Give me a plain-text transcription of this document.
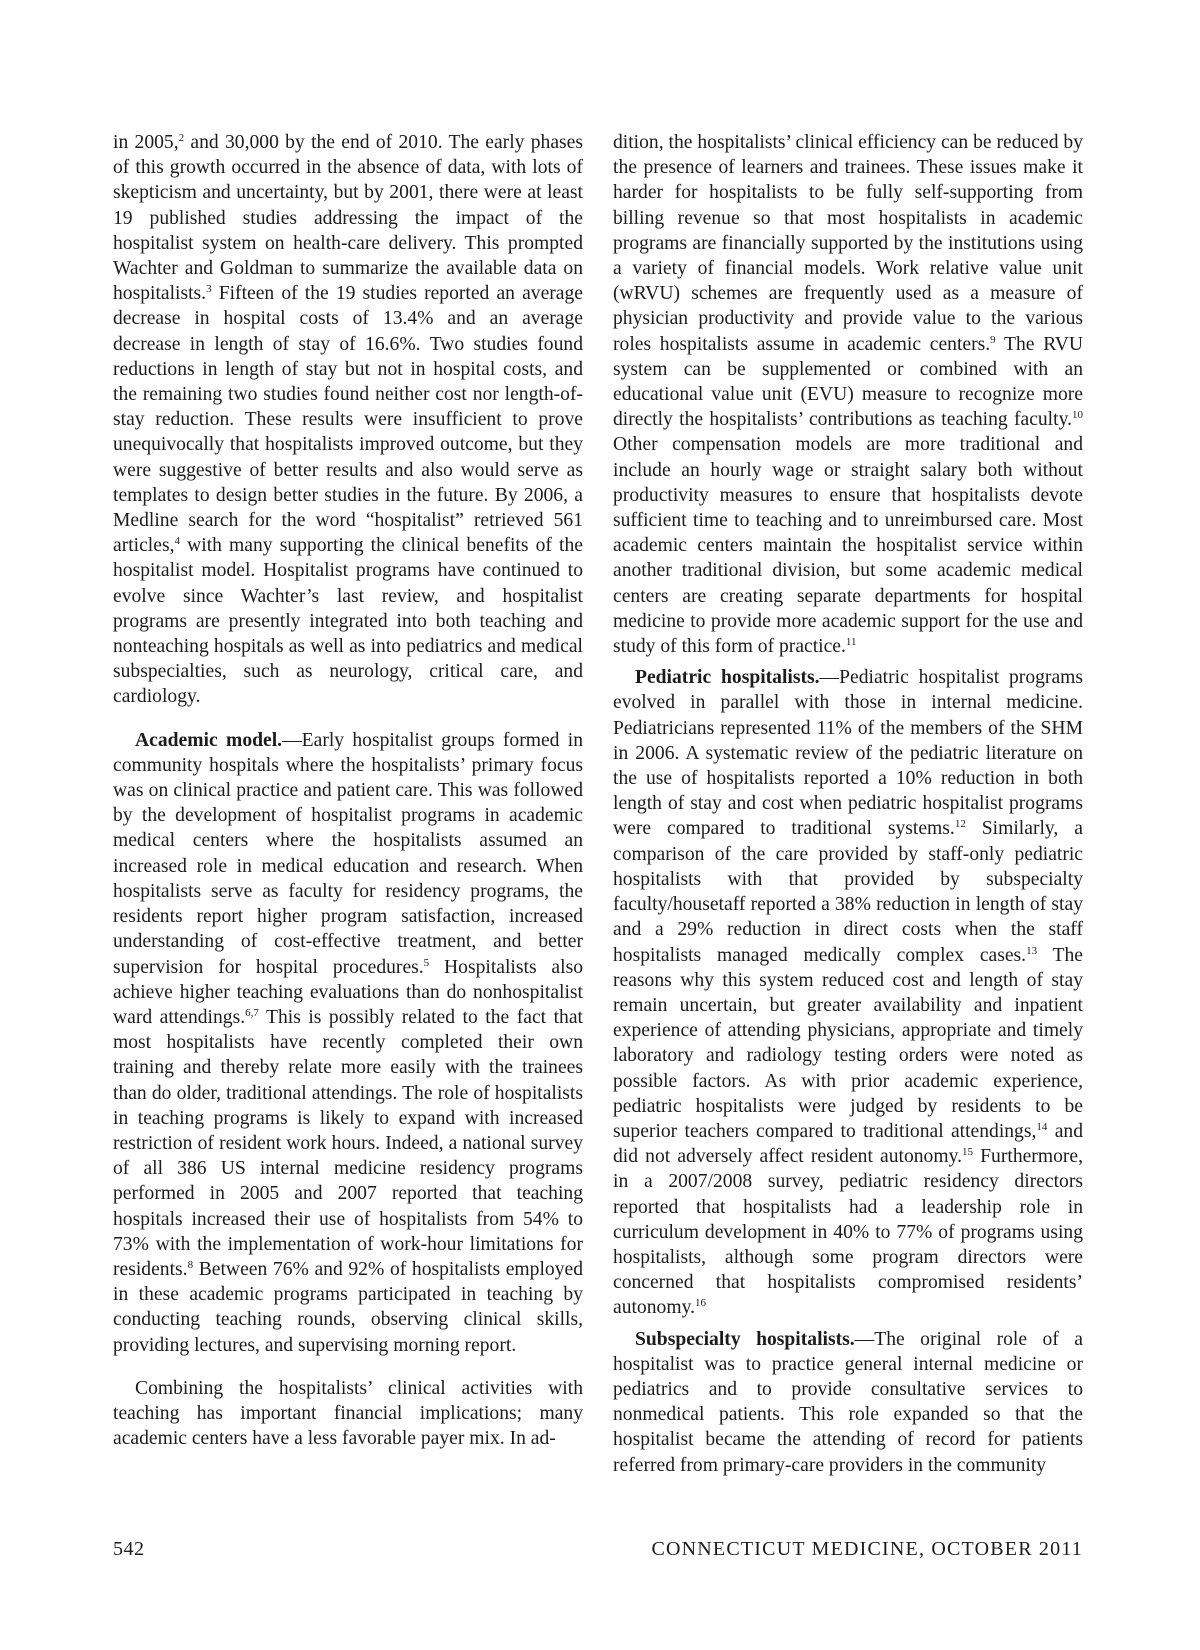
in 2005,$^2$ and 30,000 by the end of 2010. The early phases of this growth occurred in the absence of data, with lots of skepticism and uncertainty, but by 2001, there were at least 19 published studies addressing the impact of the hospitalist system on health-care delivery. This prompted Wachter and Goldman to summarize the available data on hospitalists.$^3$ Fifteen of the 19 studies reported an average decrease in hospital costs of 13.4% and an average decrease in length of stay of 16.6%. Two studies found reductions in length of stay but not in hospital costs, and the remaining two studies found neither cost nor length-of-stay reduction. These results were insufficient to prove unequivocally that hospitalists improved outcome, but they were suggestive of better results and also would serve as templates to design better studies in the future. By 2006, a Medline search for the word “hospitalist” retrieved 561 articles,$^4$ with many supporting the clinical benefits of the hospitalist model. Hospitalist programs have continued to evolve since Wachter’s last review, and hospitalist programs are presently integrated into both teaching and nonteaching hospitals as well as into pediatrics and medical subspecialties, such as neurology, critical care, and cardiology.

Academic model.—Early hospitalist groups formed in community hospitals where the hospitalists’ primary focus was on clinical practice and patient care. This was followed by the development of hospitalist programs in academic medical centers where the hospitalists assumed an increased role in medical education and research. When hospitalists serve as faculty for residency programs, the residents report higher program satisfaction, increased understanding of cost-effective treatment, and better supervision for hospital procedures.$^5$ Hospitalists also achieve higher teaching evaluations than do nonhospitalist ward attendings.$^{6,7}$ This is possibly related to the fact that most hospitalists have recently completed their own training and thereby relate more easily with the trainees than do older, traditional attendings. The role of hospitalists in teaching programs is likely to expand with increased restriction of resident work hours. Indeed, a national survey of all 386 US internal medicine residency programs performed in 2005 and 2007 reported that teaching hospitals increased their use of hospitalists from 54% to 73% with the implementation of work-hour limitations for residents.$^8$ Between 76% and 92% of hospitalists employed in these academic programs participated in teaching by conducting teaching rounds, observing clinical skills, providing lectures, and supervising morning report.

Combining the hospitalists’ clinical activities with teaching has important financial implications; many academic centers have a less favorable payer mix. In ad-

dition, the hospitalists’ clinical efficiency can be reduced by the presence of learners and trainees. These issues make it harder for hospitalists to be fully self-supporting from billing revenue so that most hospitalists in academic programs are financially supported by the institutions using a variety of financial models. Work relative value unit (wRVU) schemes are frequently used as a measure of physician productivity and provide value to the various roles hospitalists assume in academic centers.$^9$ The RVU system can be supplemented or combined with an educational value unit (EVU) measure to recognize more directly the hospitalists’ contributions as teaching faculty.$^{10}$ Other compensation models are more traditional and include an hourly wage or straight salary both without productivity measures to ensure that hospitalists devote sufficient time to teaching and to unreimbursed care. Most academic centers maintain the hospitalist service within another traditional division, but some academic medical centers are creating separate departments for hospital medicine to provide more academic support for the use and study of this form of practice.$^{11}$

Pediatric hospitalists.—Pediatric hospitalist programs evolved in parallel with those in internal medicine. Pediatricians represented 11% of the members of the SHM in 2006. A systematic review of the pediatric literature on the use of hospitalists reported a 10% reduction in both length of stay and cost when pediatric hospitalist programs were compared to traditional systems.$^{12}$ Similarly, a comparison of the care provided by staff-only pediatric hospitalists with that provided by subspecialty faculty/housetaff reported a 38% reduction in length of stay and a 29% reduction in direct costs when the staff hospitalists managed medically complex cases.$^{13}$ The reasons why this system reduced cost and length of stay remain uncertain, but greater availability and inpatient experience of attending physicians, appropriate and timely laboratory and radiology testing orders were noted as possible factors. As with prior academic experience, pediatric hospitalists were judged by residents to be superior teachers compared to traditional attendings,$^{14}$ and did not adversely affect resident autonomy.$^{15}$ Furthermore, in a 2007/2008 survey, pediatric residency directors reported that hospitalists had a leadership role in curriculum development in 40% to 77% of programs using hospitalists, although some program directors were concerned that hospitalists compromised residents’ autonomy.$^{16}$

Subspecialty hospitalists.—The original role of a hospitalist was to practice general internal medicine or pediatrics and to provide consultative services to nonmedical patients. This role expanded so that the hospitalist became the attending of record for patients referred from primary-care providers in the community

542	CONNECTICUT MEDICINE, OCTOBER 2011
